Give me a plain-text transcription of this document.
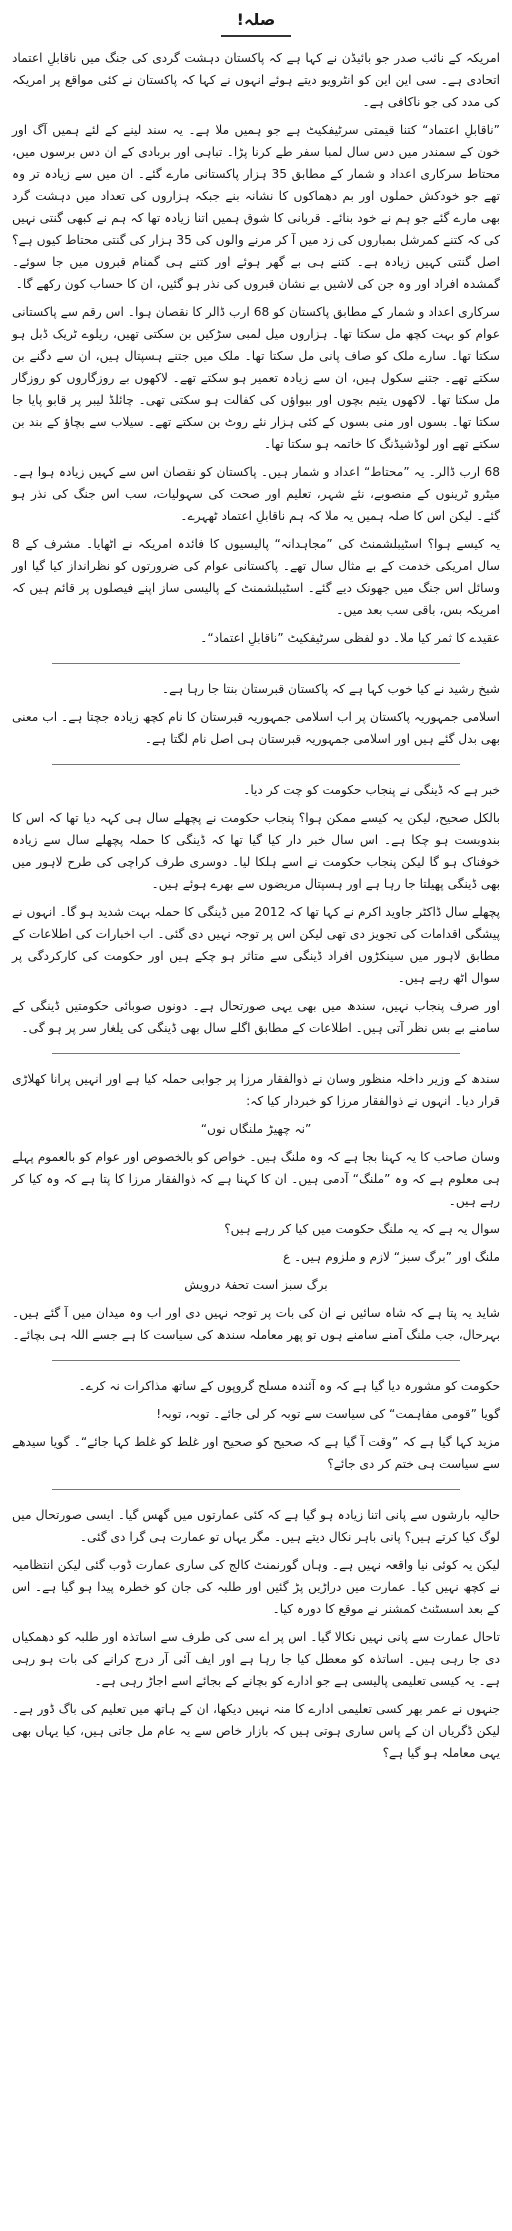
صلہ!

امریکہ کے نائب صدر جو بائیڈن نے کہا ہے کہ پاکستان دہشت گردی کی جنگ میں ناقابلِ اعتماد اتحادی ہے۔ سی این این کو انٹرویو دیتے ہوئے انہوں نے کہا کہ پاکستان نے کئی مواقع پر امریکہ کی مدد کی جو ناکافی ہے۔

”ناقابلِ اعتماد“ کتنا قیمتی سرٹیفکیٹ ہے جو ہمیں ملا ہے۔ یہ سند لینے کے لئے ہمیں آگ اور خون کے سمندر میں دس سال لمبا سفر طے کرنا پڑا۔ تباہی اور بربادی کے ان دس برسوں میں، محتاط سرکاری اعداد و شمار کے مطابق 35 ہزار پاکستانی مارے گئے۔ ان میں سے زیادہ تر وہ تھے جو خودکش حملوں اور بم دھماکوں کا نشانہ بنے جبکہ ہزاروں کی تعداد میں دہشت گرد بھی مارے گئے جو ہم نے خود بنائے۔ قربانی کا شوق ہمیں اتنا زیادہ تھا کہ ہم نے کبھی گنتی نہیں کی کہ کتنے کمرشل بمباروں کی زد میں آ کر مرنے والوں کی 35 ہزار کی گنتی محتاط کیوں ہے؟ اصل گنتی کہیں زیادہ ہے۔ کتنے ہی بے گھر ہوئے اور کتنے ہی گمنام قبروں میں جا سوئے۔ گمشدہ افراد اور وہ جن کی لاشیں بے نشان قبروں کی نذر ہو گئیں، ان کا حساب کون رکھے گا۔

سرکاری اعداد و شمار کے مطابق پاکستان کو 68 ارب ڈالر کا نقصان ہوا۔ اس رقم سے پاکستانی عوام کو بہت کچھ مل سکتا تھا۔ ہزاروں میل لمبی سڑکیں بن سکتی تھیں، ریلوے ٹریک ڈبل ہو سکتا تھا۔ سارے ملک کو صاف پانی مل سکتا تھا۔ ملک میں جتنے ہسپتال ہیں، ان سے دگنے بن سکتے تھے۔ جتنے سکول ہیں، ان سے زیادہ تعمیر ہو سکتے تھے۔ لاکھوں بے روزگاروں کو روزگار مل سکتا تھا۔ لاکھوں یتیم بچوں اور بیواؤں کی کفالت ہو سکتی تھی۔ چائلڈ لیبر پر قابو پایا جا سکتا تھا۔ بسوں اور منی بسوں کے کئی ہزار نئے روٹ بن سکتے تھے۔ سیلاب سے بچاؤ کے بند بن سکتے تھے اور لوڈشیڈنگ کا خاتمہ ہو سکتا تھا۔

68 ارب ڈالر۔ یہ ”محتاط“ اعداد و شمار ہیں۔ پاکستان کو نقصان اس سے کہیں زیادہ ہوا ہے۔ میٹرو ٹرینوں کے منصوبے، نئے شہر، تعلیم اور صحت کی سہولیات، سب اس جنگ کی نذر ہو گئے۔ لیکن اس کا صلہ ہمیں یہ ملا کہ ہم ناقابلِ اعتماد ٹھہرے۔

یہ کیسے ہوا؟ اسٹیبلشمنٹ کی ”مجاہدانہ“ پالیسیوں کا فائدہ امریکہ نے اٹھایا۔ مشرف کے 8 سال امریکی خدمت کے بے مثال سال تھے۔ پاکستانی عوام کی ضرورتوں کو نظرانداز کیا گیا اور وسائل اس جنگ میں جھونک دیے گئے۔ اسٹیبلشمنٹ کے پالیسی ساز اپنے فیصلوں پر قائم ہیں کہ امریکہ بس، باقی سب بعد میں۔

عقیدے کا ثمر کیا ملا۔ دو لفظی سرٹیفکیٹ ”ناقابلِ اعتماد“۔

شیخ رشید نے کیا خوب کہا ہے کہ پاکستان قبرستان بنتا جا رہا ہے۔

اسلامی جمہوریہ پاکستان پر اب اسلامی جمہوریہ قبرستان کا نام کچھ زیادہ جچتا ہے۔ اب معنی بھی بدل گئے ہیں اور اسلامی جمہوریہ قبرستان ہی اصل نام لگتا ہے۔

خبر ہے کہ ڈینگی نے پنجاب حکومت کو چت کر دیا۔

بالکل صحیح، لیکن یہ کیسے ممکن ہوا؟ پنجاب حکومت نے پچھلے سال ہی کہہ دیا تھا کہ اس کا بندوبست ہو چکا ہے۔ اس سال خبر دار کیا گیا تھا کہ ڈینگی کا حملہ پچھلے سال سے زیادہ خوفناک ہو گا لیکن پنجاب حکومت نے اسے ہلکا لیا۔ دوسری طرف کراچی کی طرح لاہور میں بھی ڈینگی پھیلتا جا رہا ہے اور ہسپتال مریضوں سے بھرے ہوئے ہیں۔

پچھلے سال ڈاکٹر جاوید اکرم نے کہا تھا کہ 2012 میں ڈینگی کا حملہ بہت شدید ہو گا۔ انہوں نے پیشگی اقدامات کی تجویز دی تھی لیکن اس پر توجہ نہیں دی گئی۔ اب اخبارات کی اطلاعات کے مطابق لاہور میں سینکڑوں افراد ڈینگی سے متاثر ہو چکے ہیں اور حکومت کی کارکردگی پر سوال اٹھ رہے ہیں۔

اور صرف پنجاب نہیں، سندھ میں بھی یہی صورتحال ہے۔ دونوں صوبائی حکومتیں ڈینگی کے سامنے بے بس نظر آتی ہیں۔ اطلاعات کے مطابق اگلے سال بھی ڈینگی کی یلغار سر پر ہو گی۔

سندھ کے وزیر داخلہ منظور وسان نے ذوالفقار مرزا پر جوابی حملہ کیا ہے اور انہیں پرانا کھلاڑی قرار دیا۔ انہوں نے ذوالفقار مرزا کو خبردار کیا کہ:

”نہ چھیڑ ملنگاں نوں“

وسان صاحب کا یہ کہنا بجا ہے کہ وہ ملنگ ہیں۔ خواص کو بالخصوص اور عوام کو بالعموم پہلے ہی معلوم ہے کہ وہ ”ملنگ“ آدمی ہیں۔ ان کا کہنا ہے کہ ذوالفقار مرزا کا پتا ہے کہ وہ کیا کر رہے ہیں۔

سوال یہ ہے کہ یہ ملنگ حکومت میں کیا کر رہے ہیں؟

ملنگ اور ”برگ سبز“ لازم و ملزوم ہیں۔ ع

برگ سبز است تحفۂ درویش

شاید یہ پتا ہے کہ شاہ سائیں نے ان کی بات پر توجہ نہیں دی اور اب وہ میدان میں آ گئے ہیں۔ بہرحال، جب ملنگ آمنے سامنے ہوں تو پھر معاملہ سندھ کی سیاست کا ہے جسے اللہ ہی بچائے۔

حکومت کو مشورہ دیا گیا ہے کہ وہ آئندہ مسلح گروپوں کے ساتھ مذاکرات نہ کرے۔

گویا ”قومی مفاہمت“ کی سیاست سے توبہ کر لی جائے۔ توبہ، توبہ!

مزید کہا گیا ہے کہ ”وقت آ گیا ہے کہ صحیح کو صحیح اور غلط کو غلط کہا جائے“۔ گویا سیدھے سے سیاست ہی ختم کر دی جائے؟

حالیہ بارشوں سے پانی اتنا زیادہ ہو گیا ہے کہ کئی عمارتوں میں گھس گیا۔ ایسی صورتحال میں لوگ کیا کرتے ہیں؟ پانی باہر نکال دیتے ہیں۔ مگر یہاں تو عمارت ہی گرا دی گئی۔

لیکن یہ کوئی نیا واقعہ نہیں ہے۔ وہاں گورنمنٹ کالج کی ساری عمارت ڈوب گئی لیکن انتظامیہ نے کچھ نہیں کیا۔ عمارت میں دراڑیں پڑ گئیں اور طلبہ کی جان کو خطرہ پیدا ہو گیا ہے۔ اس کے بعد اسسٹنٹ کمشنر نے موقع کا دورہ کیا۔

تاحال عمارت سے پانی نہیں نکالا گیا۔ اس پر اے سی کی طرف سے اساتذہ اور طلبہ کو دھمکیاں دی جا رہی ہیں۔ اساتذہ کو معطل کیا جا رہا ہے اور ایف آئی آر درج کرانے کی بات ہو رہی ہے۔ یہ کیسی تعلیمی پالیسی ہے جو ادارے کو بچانے کے بجائے اسے اجاڑ رہی ہے۔

جنہوں نے عمر بھر کسی تعلیمی ادارے کا منہ نہیں دیکھا، ان کے ہاتھ میں تعلیم کی باگ ڈور ہے۔ لیکن ڈگریاں ان کے پاس ساری ہوتی ہیں کہ بازار خاص سے یہ عام مل جاتی ہیں، کیا یہاں بھی یہی معاملہ ہو گیا ہے؟
